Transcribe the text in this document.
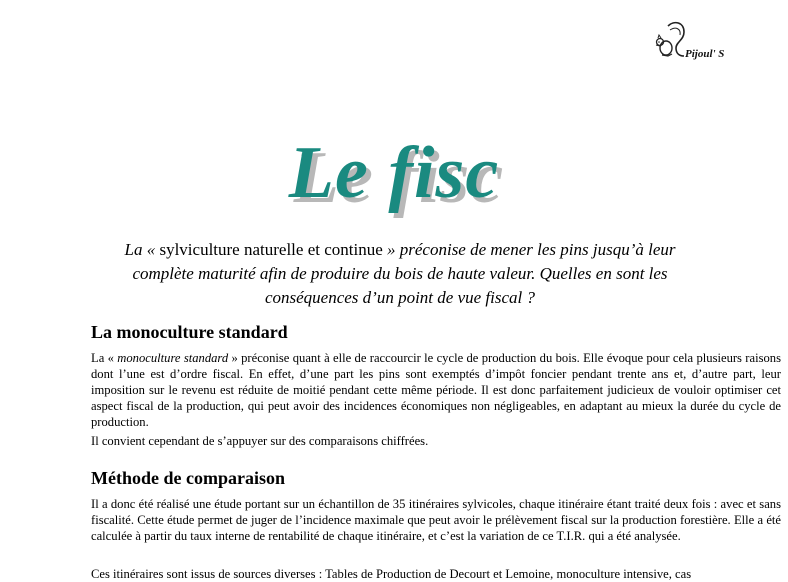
Pijoul' S
Le fisc
La « sylviculture naturelle et continue » préconise de mener les pins jusqu’à leur complète maturité afin de produire du bois de haute valeur. Quelles en sont les conséquences d’un point de vue fiscal ?
La monoculture standard

La « monoculture standard » préconise quant à elle de raccourcir le cycle de production du bois. Elle évoque pour cela plusieurs raisons dont l’une est d’ordre fiscal. En effet, d’une part les pins sont exemptés d’impôt foncier pendant trente ans et, d’autre part, leur imposition sur le revenu est réduite de moitié pendant cette même période. Il est donc parfaitement judicieux de vouloir optimiser cet aspect fiscal de la production, qui peut avoir des incidences économiques non négligeables, en adaptant au mieux la durée du cycle de production.

Il convient cependant de s’appuyer sur des comparaisons chiffrées.

Méthode de comparaison

Il a donc été réalisé une étude portant sur un échantillon de 35 itinéraires sylvicoles, chaque itinéraire étant traité deux fois : avec et sans fiscalité. Cette étude permet de juger de l’incidence maximale que peut avoir le prélèvement fiscal sur la production forestière. Elle a été calculée à partir du taux interne de rentabilité de chaque itinéraire, et c’est la variation de ce T.I.R. qui a été analysée.

Ces itinéraires sont issus de sources diverses : Tables de Production de Decourt et Lemoine, monoculture intensive, cas
